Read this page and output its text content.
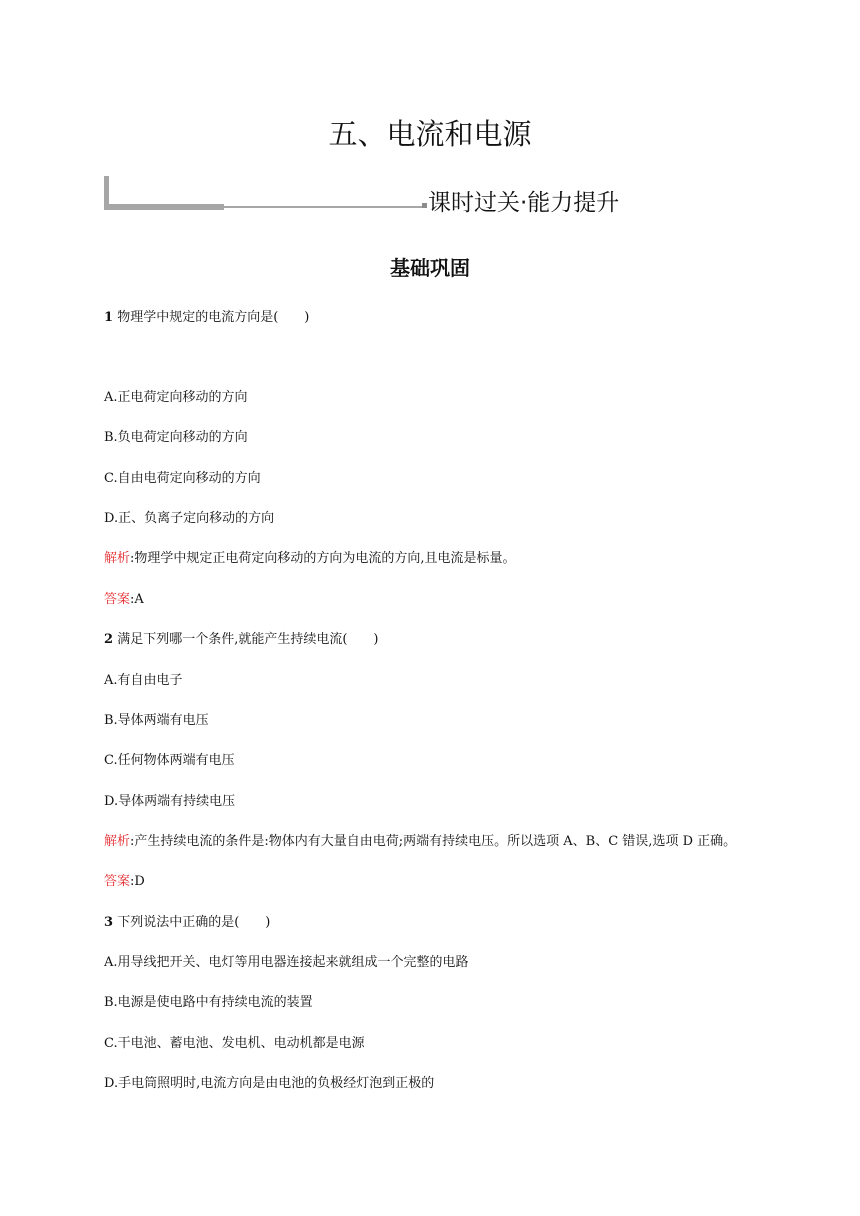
五、电流和电源
课时过关·能力提升
基础巩固
1 物理学中规定的电流方向是(　　)
A.正电荷定向移动的方向
B.负电荷定向移动的方向
C.自由电荷定向移动的方向
D.正、负离子定向移动的方向
解析:物理学中规定正电荷定向移动的方向为电流的方向,且电流是标量。
答案:A
2 满足下列哪一个条件,就能产生持续电流(　　)
A.有自由电子
B.导体两端有电压
C.任何物体两端有电压
D.导体两端有持续电压
解析:产生持续电流的条件是:物体内有大量自由电荷;两端有持续电压。所以选项 A、B、C 错误,选项 D 正确。
答案:D
3 下列说法中正确的是(　　)
A.用导线把开关、电灯等用电器连接起来就组成一个完整的电路
B.电源是使电路中有持续电流的装置
C.干电池、蓄电池、发电机、电动机都是电源
D.手电筒照明时,电流方向是由电池的负极经灯泡到正极的
